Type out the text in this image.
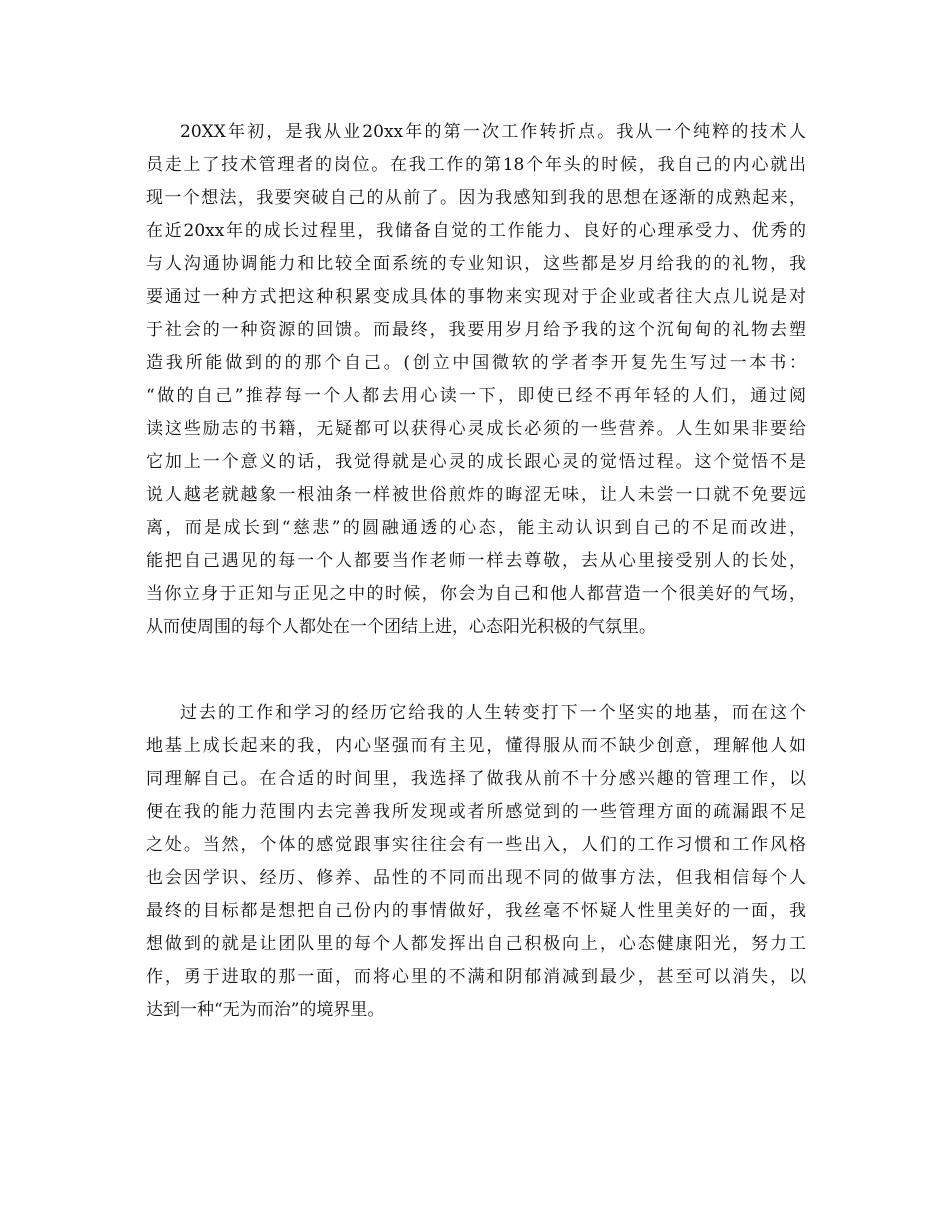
20XX年初，是我从业20xx年的第一次工作转折点。我从一个纯粹的技术人
员走上了技术管理者的岗位。在我工作的第18个年头的时候，我自己的内心就出
现一个想法，我要突破自己的从前了。因为我感知到我的思想在逐渐的成熟起来，
在近20xx年的成长过程里，我储备自觉的工作能力、良好的心理承受力、优秀的
与人沟通协调能力和比较全面系统的专业知识，这些都是岁月给我的的礼物，我
要通过一种方式把这种积累变成具体的事物来实现对于企业或者往大点儿说是对
于社会的一种资源的回馈。而最终，我要用岁月给予我的这个沉甸甸的礼物去塑
造我所能做到的的那个自己。(创立中国微软的学者李开复先生写过一本书：
“做的自己”推荐每一个人都去用心读一下，即使已经不再年轻的人们，通过阅
读这些励志的书籍，无疑都可以获得心灵成长必须的一些营养。人生如果非要给
它加上一个意义的话，我觉得就是心灵的成长跟心灵的觉悟过程。这个觉悟不是
说人越老就越象一根油条一样被世俗煎炸的晦涩无味，让人未尝一口就不免要远
离，而是成长到“慈悲”的圆融通透的心态，能主动认识到自己的不足而改进，
能把自己遇见的每一个人都要当作老师一样去尊敬，去从心里接受别人的长处，
当你立身于正知与正见之中的时候，你会为自己和他人都营造一个很美好的气场，
从而使周围的每个人都处在一个团结上进，心态阳光积极的气氛里。
过去的工作和学习的经历它给我的人生转变打下一个坚实的地基，而在这个
地基上成长起来的我，内心坚强而有主见，懂得服从而不缺少创意，理解他人如
同理解自己。在合适的时间里，我选择了做我从前不十分感兴趣的管理工作，以
便在我的能力范围内去完善我所发现或者所感觉到的一些管理方面的疏漏跟不足
之处。当然，个体的感觉跟事实往往会有一些出入，人们的工作习惯和工作风格
也会因学识、经历、修养、品性的不同而出现不同的做事方法，但我相信每个人
最终的目标都是想把自己份内的事情做好，我丝毫不怀疑人性里美好的一面，我
想做到的就是让团队里的每个人都发挥出自己积极向上，心态健康阳光，努力工
作，勇于进取的那一面，而将心里的不满和阴郁消减到最少，甚至可以消失，以
达到一种“无为而治”的境界里。
